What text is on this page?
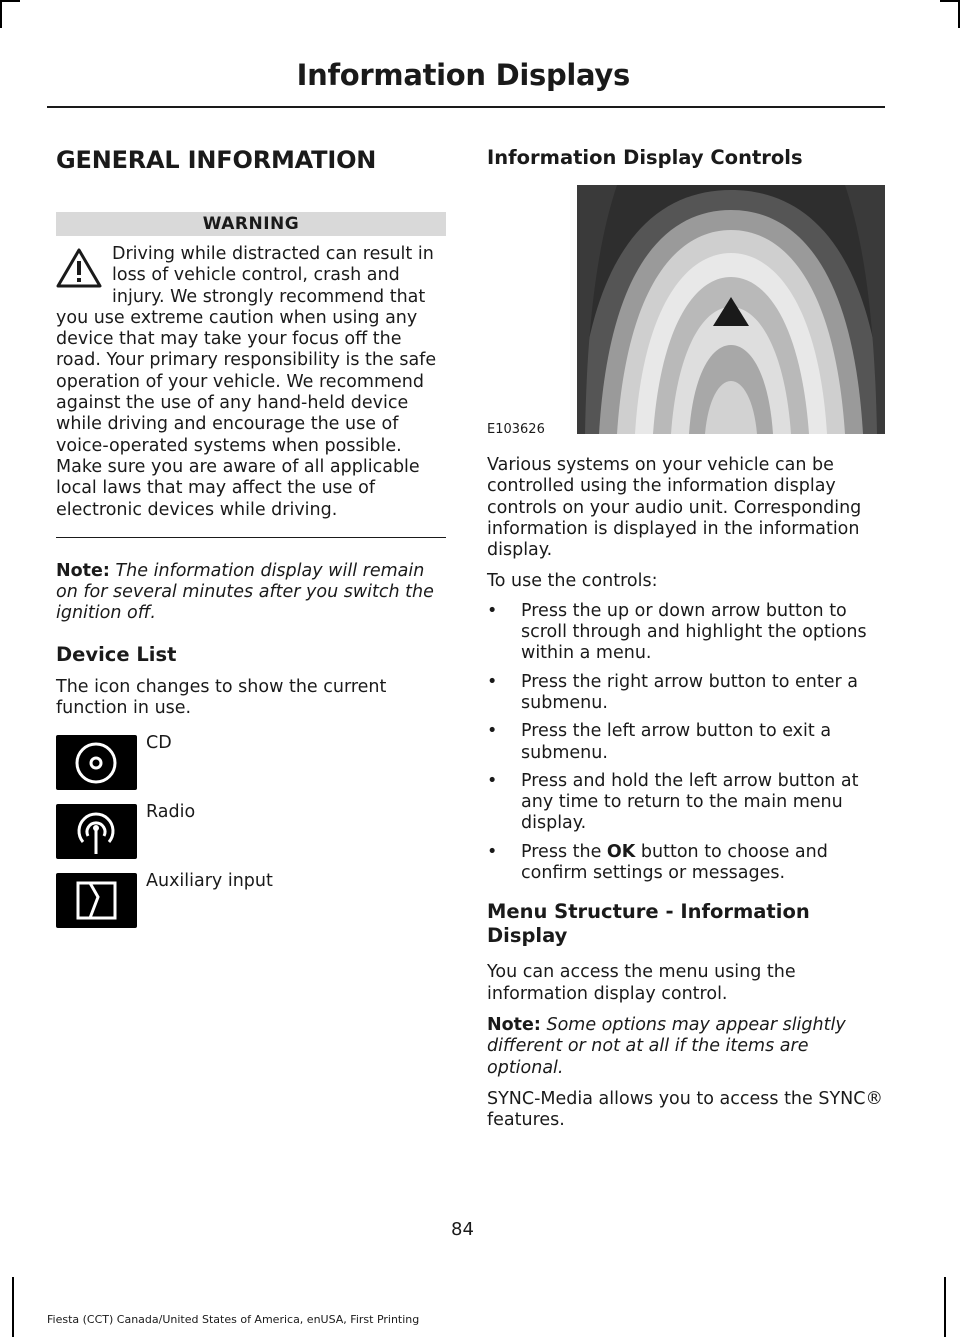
Information Displays
GENERAL INFORMATION
WARNING
Driving while distracted can result in loss of vehicle control, crash and injury. We strongly recommend that you use extreme caution when using any device that may take your focus off the road. Your primary responsibility is the safe operation of your vehicle. We recommend against the use of any hand-held device while driving and encourage the use of voice-operated systems when possible. Make sure you are aware of all applicable local laws that may affect the use of electronic devices while driving.

Note: The information display will remain on for several minutes after you switch the ignition off.

Device List

The icon changes to show the current function in use.

CD
Radio
Auxiliary input
Information Display Controls
E103626

Various systems on your vehicle can be controlled using the information display controls on your audio unit. Corresponding information is displayed in the information display.

To use the controls:

• Press the up or down arrow button to scroll through and highlight the options within a menu.
• Press the right arrow button to enter a submenu.
• Press the left arrow button to exit a submenu.
• Press and hold the left arrow button at any time to return to the main menu display.
• Press the OK button to choose and confirm settings or messages.
Menu Structure - Information Display

You can access the menu using the information display control.

Note: Some options may appear slightly different or not at all if the items are optional.

SYNC-Media allows you to access the SYNC® features.

84
Fiesta (CCT) Canada/United States of America, enUSA, First Printing
